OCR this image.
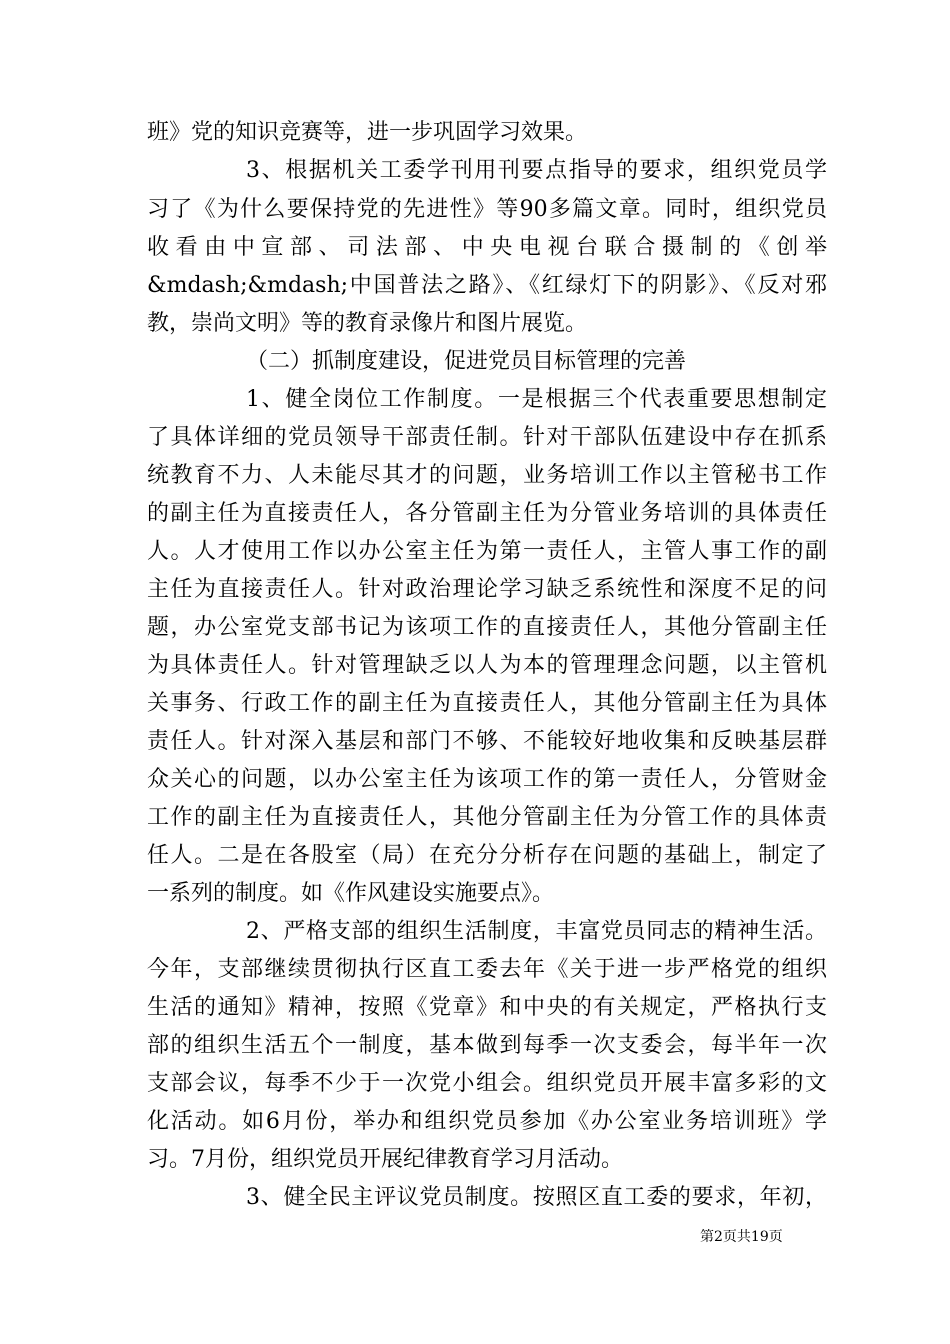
班》党的知识竞赛等，进一步巩固学习效果。
3、根据机关工委学刊用刊要点指导的要求，组织党员学
习了《为什么要保持党的先进性》等90多篇文章。同时，组织党员
收看由中宣部、司法部、中央电视台联合摄制的《创举
&mdash;&mdash;中国普法之路》、《红绿灯下的阴影》、《反对邪
教，崇尚文明》等的教育录像片和图片展览。
（二）抓制度建设，促进党员目标管理的完善
1、健全岗位工作制度。一是根据三个代表重要思想制定
了具体详细的党员领导干部责任制。针对干部队伍建设中存在抓系
统教育不力、人未能尽其才的问题，业务培训工作以主管秘书工作
的副主任为直接责任人，各分管副主任为分管业务培训的具体责任
人。人才使用工作以办公室主任为第一责任人，主管人事工作的副
主任为直接责任人。针对政治理论学习缺乏系统性和深度不足的问
题，办公室党支部书记为该项工作的直接责任人，其他分管副主任
为具体责任人。针对管理缺乏以人为本的管理理念问题，以主管机
关事务、行政工作的副主任为直接责任人，其他分管副主任为具体
责任人。针对深入基层和部门不够、不能较好地收集和反映基层群
众关心的问题，以办公室主任为该项工作的第一责任人，分管财金
工作的副主任为直接责任人，其他分管副主任为分管工作的具体责
任人。二是在各股室（局）在充分分析存在问题的基础上，制定了
一系列的制度。如《作风建设实施要点》。
2、严格支部的组织生活制度，丰富党员同志的精神生活。
今年，支部继续贯彻执行区直工委去年《关于进一步严格党的组织
生活的通知》精神，按照《党章》和中央的有关规定，严格执行支
部的组织生活五个一制度，基本做到每季一次支委会，每半年一次
支部会议，每季不少于一次党小组会。组织党员开展丰富多彩的文
化活动。如6月份，举办和组织党员参加《办公室业务培训班》学
习。7月份，组织党员开展纪律教育学习月活动。
3、健全民主评议党员制度。按照区直工委的要求，年初，
第2页共19页
